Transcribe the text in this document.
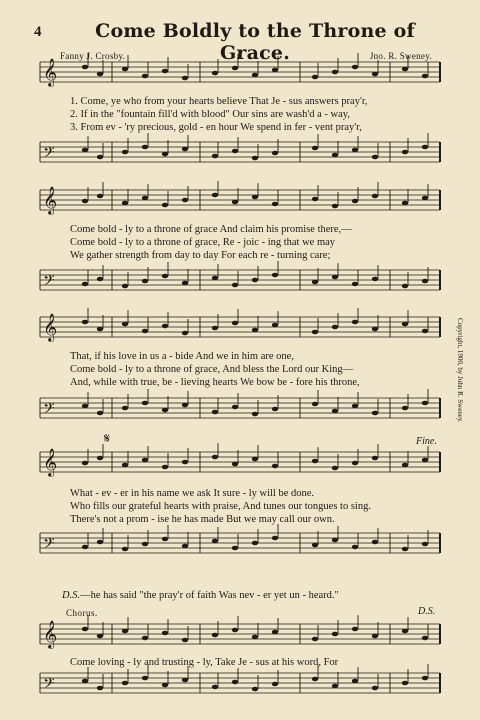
4	Come Boldly to the Throne of Grace.
Fanny J. Crosby.	Jno. R. Sweney.
𝄞
𝄢
𝄞
𝄢
𝄞
𝄢
𝄞
𝄢
𝄞
𝄢
1. Come, ye who from your hearts believe That Je - sus answers pray'r,
2. If in the "fountain fill'd with blood" Our sins are wash'd a - way,
3. From ev - 'ry precious, gold - en hour We spend in fer - vent pray'r,
Come bold - ly to a throne of grace And claim his promise there,—
Come bold - ly to a throne of grace, Re - joic - ing that we may
We gather strength from day to day For each re - turning care;
That, if his love in us a - bide And we in him are one,
Come bold - ly to a throne of grace, And bless the Lord our King—
And, while with true, be - lieving hearts We bow be - fore his throne,	Copyright, 1900, by John R. Sweney.
𝄋	Fine.
What - ev - er in his name we ask It sure - ly will be done.
Who fills our grateful hearts with praise, And tunes our tongues to sing.
There's not a prom - ise he has made But we may call our own.
D.S.—he has said "the pray'r of faith Was nev - er yet un - heard."
Chorus.	D.S.
Come loving - ly and trusting - ly, Take Je - sus at his word, For
